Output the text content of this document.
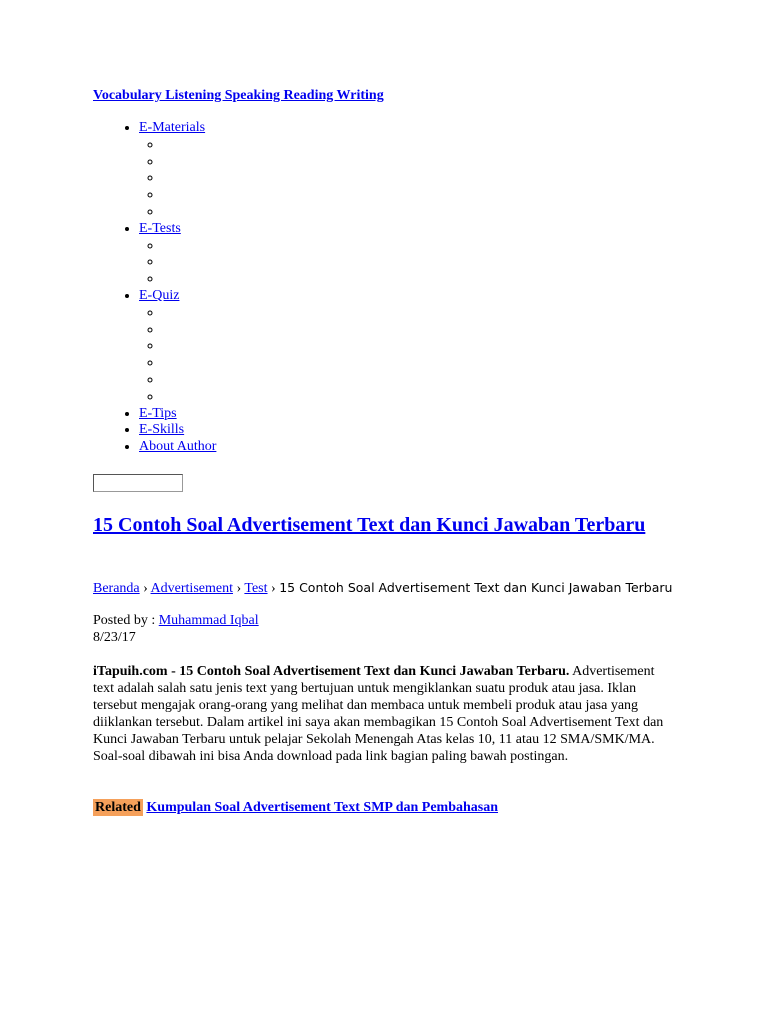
Vocabulary Listening Speaking Reading Writing
• E-Materials
◦
◦
◦
◦
◦
• E-Tests
◦
◦
◦
• E-Quiz
◦
◦
◦
◦
◦
◦
• E-Tips
• E-Skills
• About Author
15 Contoh Soal Advertisement Text dan Kunci Jawaban Terbaru
Beranda › Advertisement › Test › 15 Contoh Soal Advertisement Text dan Kunci Jawaban Terbaru
Posted by : Muhammad Iqbal
8/23/17

iTapuih.com - 15 Contoh Soal Advertisement Text dan Kunci Jawaban Terbaru. Advertisement text adalah salah satu jenis text yang bertujuan untuk mengiklankan suatu produk atau jasa. Iklan tersebut mengajak orang-orang yang melihat dan membaca untuk membeli produk atau jasa yang diiklankan tersebut. Dalam artikel ini saya akan membagikan 15 Contoh Soal Advertisement Text dan Kunci Jawaban Terbaru untuk pelajar Sekolah Menengah Atas kelas 10, 11 atau 12 SMA/SMK/MA. Soal-soal dibawah ini bisa Anda download pada link bagian paling bawah postingan.

Related Kumpulan Soal Advertisement Text SMP dan Pembahasan
